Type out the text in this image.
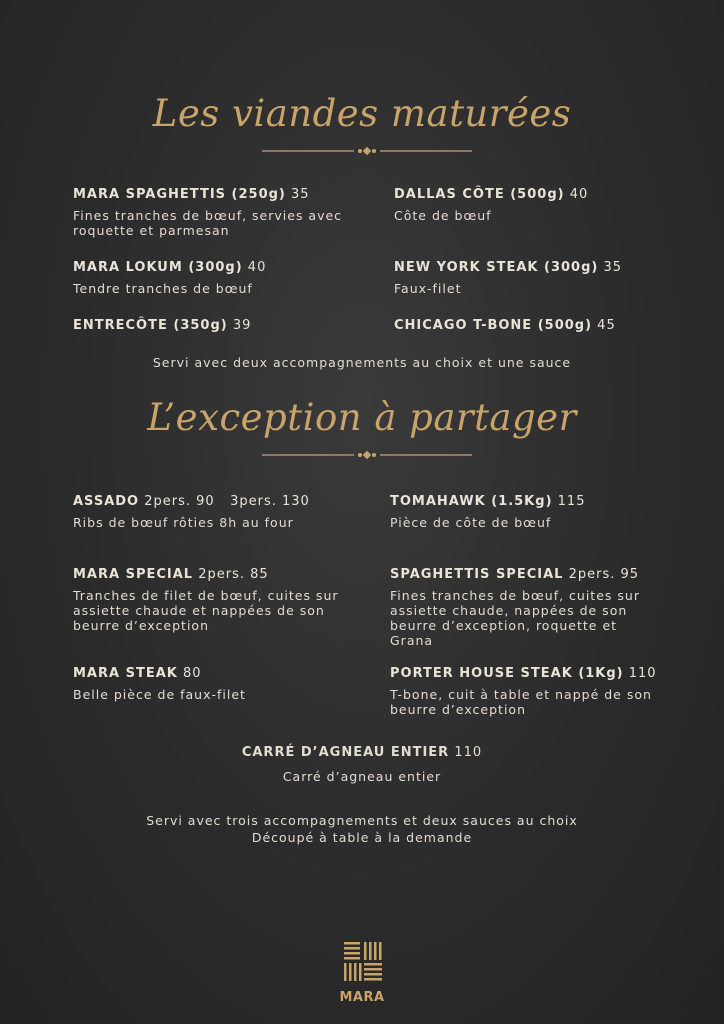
Les viandes maturées
MARA SPAGHETTIS (250g) 35
Fines tranches de bœuf, servies avec roquette et parmesan
DALLAS CÔTE (500g) 40
Côte de bœuf
MARA LOKUM (300g) 40
Tendre tranches de bœuf
NEW YORK STEAK (300g) 35
Faux-filet
ENTRECÔTE (350g) 39	CHICAGO T-BONE (500g) 45
Servi avec deux accompagnements au choix et une sauce
L’exception à partager
ASSADO 2pers. 90   3pers. 130
Ribs de bœuf rôties 8h au four
TOMAHAWK (1.5Kg) 115
Pièce de côte de bœuf
MARA SPECIAL 2pers. 85
Tranches de filet de bœuf, cuites sur assiette chaude et nappées de son beurre d’exception
SPAGHETTIS SPECIAL 2pers. 95
Fines tranches de bœuf, cuites sur assiette chaude, nappées de son beurre d’exception, roquette et Grana
MARA STEAK 80
Belle pièce de faux-filet
PORTER HOUSE STEAK (1Kg) 110
T-bone, cuit à table et nappé de son beurre d’exception
CARRÉ D’AGNEAU ENTIER 110
Carré d’agneau entier
Servi avec trois accompagnements et deux sauces au choix
Découpé à table à la demande
MARA
